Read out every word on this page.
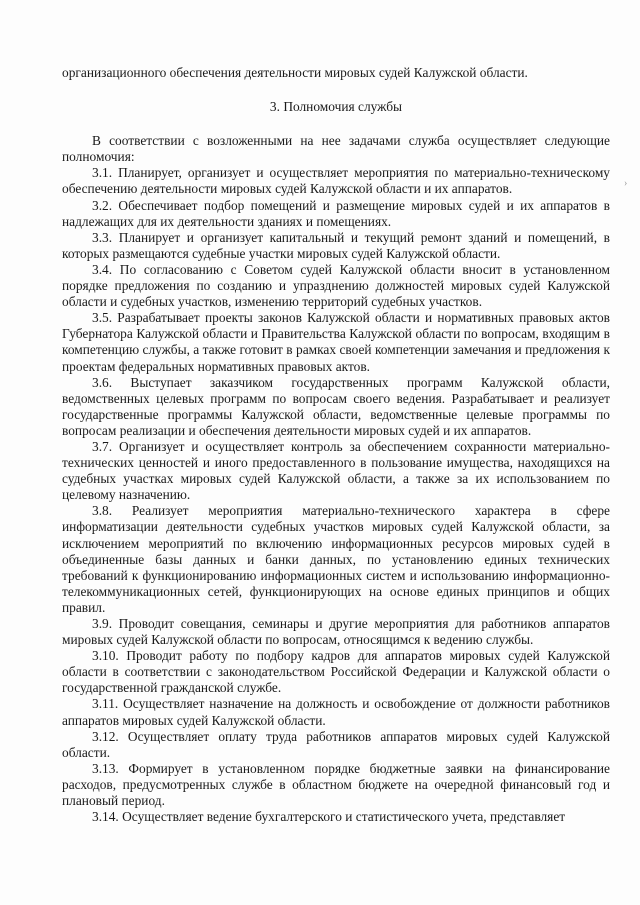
организационного обеспечения деятельности мировых судей Калужской области.

3. Полномочия службы

В соответствии с возложенными на нее задачами служба осуществляет следующие полномочия:

3.1. Планирует, организует и осуществляет мероприятия по материально-техническому обеспечению деятельности мировых судей Калужской области и их аппаратов.

3.2. Обеспечивает подбор помещений и размещение мировых судей и их аппаратов в надлежащих для их деятельности зданиях и помещениях.

3.3. Планирует и организует капитальный и текущий ремонт зданий и помещений, в которых размещаются судебные участки мировых судей Калужской области.

3.4. По согласованию с Советом судей Калужской области вносит в установленном порядке предложения по созданию и упразднению должностей мировых судей Калужской области и судебных участков, изменению территорий судебных участков.

3.5. Разрабатывает проекты законов Калужской области и нормативных правовых актов Губернатора Калужской области и Правительства Калужской области по вопросам, входящим в компетенцию службы, а также готовит в рамках своей компетенции замечания и предложения к проектам федеральных нормативных правовых актов.

3.6. Выступает заказчиком государственных программ Калужской области, ведомственных целевых программ по вопросам своего ведения. Разрабатывает и реализует государственные программы Калужской области, ведомственные целевые программы по вопросам реализации и обеспечения деятельности мировых судей и их аппаратов.

3.7. Организует и осуществляет контроль за обеспечением сохранности материально-технических ценностей и иного предоставленного в пользование имущества, находящихся на судебных участках мировых судей Калужской области, а также за их использованием по целевому назначению.

3.8. Реализует мероприятия материально-технического характера в сфере информатизации деятельности судебных участков мировых судей Калужской области, за исключением мероприятий по включению информационных ресурсов мировых судей в объединенные базы данных и банки данных, по установлению единых технических требований к функционированию информационных систем и использованию информационно-телекоммуникационных сетей, функционирующих на основе единых принципов и общих правил.

3.9. Проводит совещания, семинары и другие мероприятия для работников аппаратов мировых судей Калужской области по вопросам, относящимся к ведению службы.

3.10. Проводит работу по подбору кадров для аппаратов мировых судей Калужской области в соответствии с законодательством Российской Федерации и Калужской области о государственной гражданской службе.

3.11. Осуществляет назначение на должность и освобождение от должности работников аппаратов мировых судей Калужской области.

3.12. Осуществляет оплату труда работников аппаратов мировых судей Калужской области.

3.13. Формирует в установленном порядке бюджетные заявки на финансирование расходов, предусмотренных службе в областном бюджете на очередной финансовый год и плановый период.

3.14. Осуществляет ведение бухгалтерского и статистического учета, представляет

›
